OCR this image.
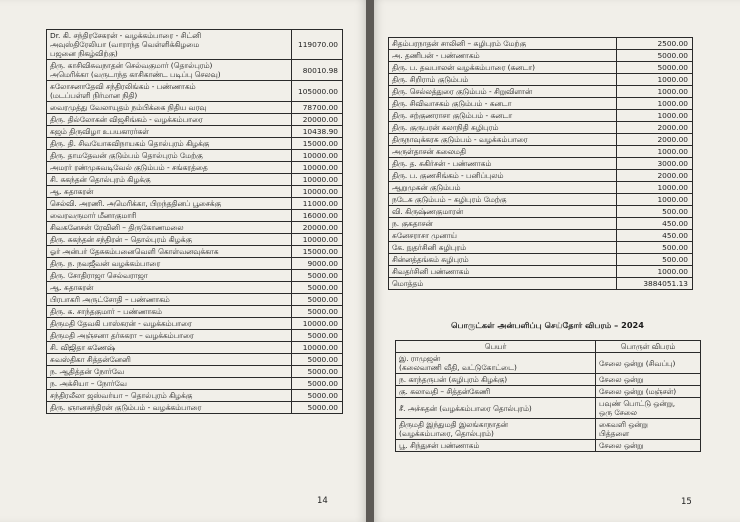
Dr. கி. சந்திரசேகரன் - வழக்கம்பாரை - சிட்னி
அவுஸ்திரேலியா (வாராந்த வெள்ளிக்கிழமை
பஜனை நிகழ்விற்கு)	119070.00
திரு. காசிவிசுவநாதன் செல்வகுமார் (தொல்புரம்)
அமெரிக்கா (வருடாந்த காசிகாண்ட படிப்பு செலவு)	80010.98
சுலோசனாதேவி சந்திரலிங்கம் - பண்ணாகம்
(மடப்பள்ளி நிர்மான நிதி)	105000.00
வைரமுத்து வேலாயுதம் நம்பிக்கை நிதிய வரவு	78700.00
திரு. தில்லோகன் விஜசிங்கம் - வழக்கம்பாரை	20000.00
கஜம் திருவிழா உபயகாரர்கள்	10438.90
திரு. தி. சிவயோகவிநாயகம் தொல்புரம் கிழக்கு	15000.00
திரு. தாமதேவன் குடும்பம் தொல்புரம் மேற்கு	10000.00
அமரர் ரண்முகவடிவேல் குடும்பம் - சங்கரத்தை	10000.00
சி. சுகந்தன் தொல்புரம் கிழக்கு	10000.00
ஆ. சுதாகரன்	10000.00
செல்வி. அரணி. அமெரிக்கா, பிறந்ததினப் பூசைக்கு	11000.00
வைரவருமார் மீனாகுமாரி	16000.00
சிவகனேசன் ரேவினி – திருகோணமலை	20000.00
திரு. சுகந்தன் சந்திரன் – தொல்புரம் கிழக்கு	10000.00
ஓர் அன்பர் தேசுகம்பனைவெளி கொள்வனவுக்காக	15000.00
திரு. ந. நவஜீவன் வழக்கம்பாரை	9000.00
திரு. சோதிராஜா செல்வராஜா	5000.00
ஆ. சுதாகரன்	5000.00
பிரபாகரி அருட்சோதி – பண்ணாகம்	5000.00
திரு. க. சாந்தகுமார் – பண்ணாகம்	5000.00
திருமதி தேவகி பாஸ்கரன் - வழக்கம்பாரை	10000.00
திருமதி அஞ்சனா தர்சுகரா – வழக்கம்பாரை	5000.00
சி. விஜிதா கணேஷ்	10000.00
சுவஸ்திகா சித்தன்னேனி	5000.00
ந. ஆதித்தன் நோர்வே	5000.00
ந. அக்சியா – நோர்வே	5000.00
சந்திரலீலா ஜஸ்வர்யா – தொல்புரம் கிழக்கு	5000.00
திரு. ஞானசந்திரன் குடும்பம் - வழக்கம்பாரை	5000.00
சிதம்பரநாதன் சாலினி – சுழிபுரம் மேற்கு	2500.00
அ. தணிபன் - பண்ணாகம்	5000.00
திரு. ப. தவபாலன் வழக்கம்பாரை (கனடா)	5000.00
திரு. சிறிராம் குடும்பம்	1000.00
திரு. செல்லத்துரை குடும்பம் - சிறுவிளான்	1000.00
திரு. சிவிவாசகம் குடும்பம் - கனடா	1000.00
திரு. சற்குணராசா குடும்பம் - கனடா	1000.00
திரு. குருபரன் கலாநிதி சுழிபுரம்	2000.00
திருநாவுக்கரசு குடும்பம் - வழக்கம்பாரை	2000.00
அருள்தாசன் கலைமதி	1000.00
திரு. த. சுகிர்சன் - பண்ணாகம்	3000.00
திரு. ப. குணசிங்கம் - பனிப்புலம்	2000.00
ஆறுமுகன் குடும்பம்	1000.00
நடேசு குடும்பம் – சுழிபுரம் மேற்கு	1000.00
வி. கிருஷ்ணகுமாரன்	500.00
ந. குகதாசன்	450.00
சுனேசராசா முனாய்	450.00
கே. நுதர்சினி சுழிபுரம்	500.00
சின்னத்தங்கம் சுழிபுரம்	500.00
சிவதர்சினி பண்ணாகம்	1000.00
மொத்தம்	3884051.13
பொருட்கள் அன்பளிப்பு செய்தோர் விபரம் – 2024
பெயர்	பொருள் விபரம்
இ. ராமுஜன்
(கலைவாணி வீதி, வட்டுகோட்டை)	சேலை ஒன்று (சிவப்பு)
ந. காந்தருபன் (சுழிபுரம் கிழக்கு)	சேலை ஒன்று
கு. கலாவதி – சித்தன்கேணி	சேலை ஒன்று (மஞ்சள்)
சீ. அச்சுதன் (வழக்கம்பாரை தொல்புரம்)	பவுண் பொட்டு ஒன்று,
ஒரு சேலை
திருமதி இந்துமதி இலங்காநாதன்
(வழக்கம்பாரை, தொல்புரம்)	கைவளி ஒன்று
பித்தளை
பூ. சிந்துசன் பண்ணாகம்	சேலை ஒன்று
14	15
